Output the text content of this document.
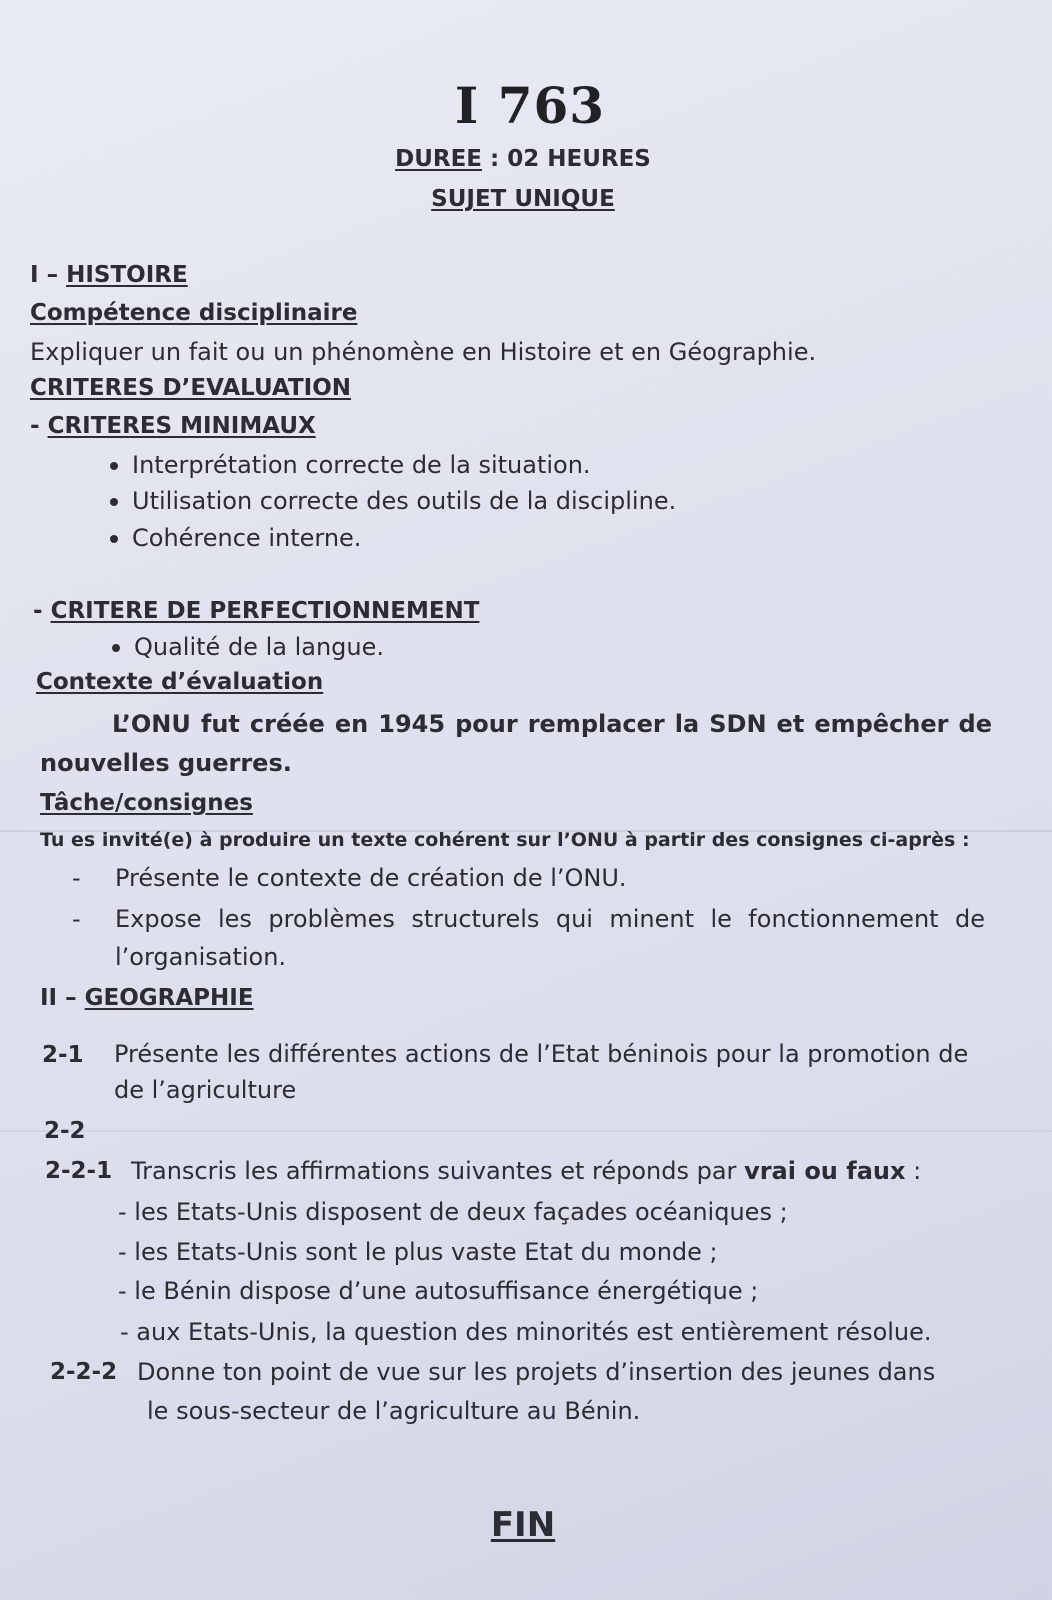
I 763
DUREE : 02 HEURES
SUJET UNIQUE
I – HISTOIRE
Compétence disciplinaire
Expliquer un fait ou un phénomène en Histoire et en Géographie.
CRITERES D’EVALUATION
- CRITERES MINIMAUX
Interprétation correcte de la situation.
Utilisation correcte des outils de la discipline.
Cohérence interne.
- CRITERE DE PERFECTIONNEMENT
Qualité de la langue.
Contexte d’évaluation
L’ONU fut créée en 1945 pour remplacer la SDN et empêcher de
nouvelles guerres.
Tâche/consignes
Tu es invité(e) à produire un texte cohérent sur l’ONU à partir des consignes ci-après :
- Présente le contexte de création de l’ONU.
- Expose les problèmes structurels qui minent le fonctionnement de
l’organisation.
II – GEOGRAPHIE
2-1 Présente les différentes actions de l’Etat béninois pour la promotion de
de l’agriculture
2-2
2-2-1 Transcris les affirmations suivantes et réponds par vrai ou faux :
- les Etats-Unis disposent de deux façades océaniques ;
- les Etats-Unis sont le plus vaste Etat du monde ;
- le Bénin dispose d’une autosuffisance énergétique ;
- aux Etats-Unis, la question des minorités est entièrement résolue.
2-2-2 Donne ton point de vue sur les projets d’insertion des jeunes dans
le sous-secteur de l’agriculture au Bénin.
FIN
